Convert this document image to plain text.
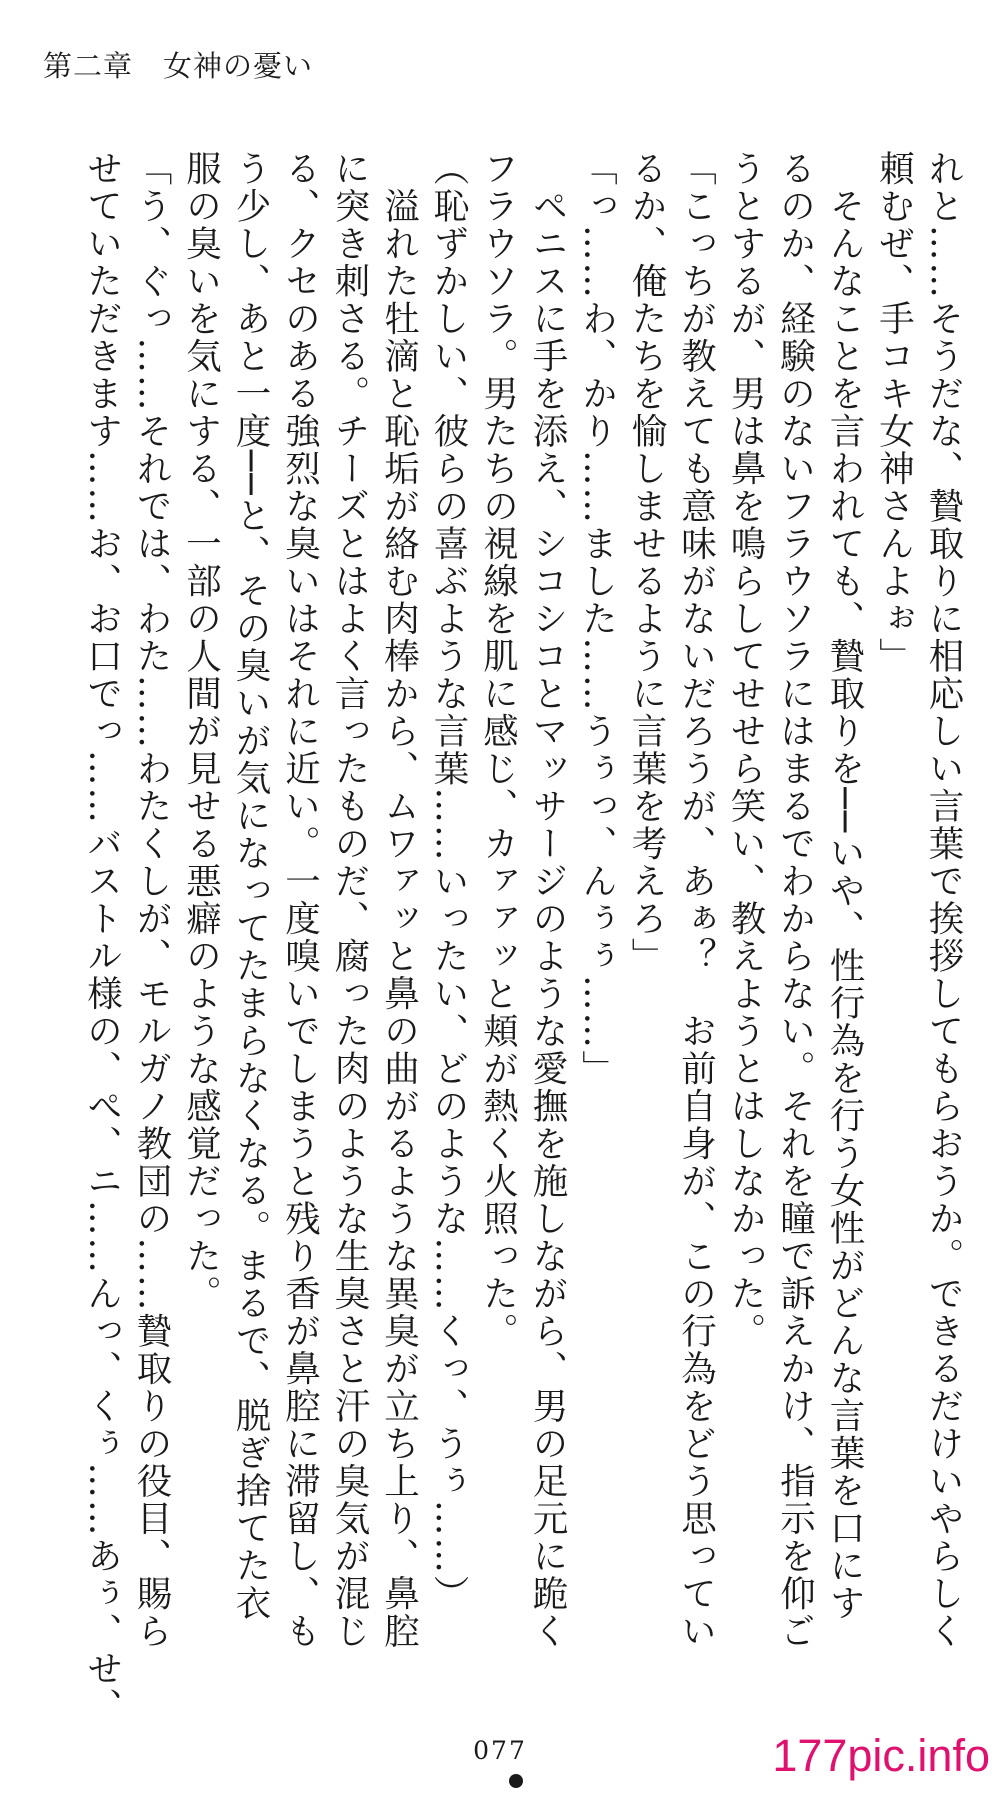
第二章　女神の憂い

れと……そうだな、贄取りに相応しい言葉で挨拶してもらおうか。できるだけいやらしく

頼むぜ、手コキ女神さんよぉ」

　そんなことを言われても、贄取りを──いや、性行為を行う女性がどんな言葉を口にす

るのか、経験のないフラウソラにはまるでわからない。それを瞳で訴えかけ、指示を仰ご

うとするが、男は鼻を鳴らしてせせら笑い、教えようとはしなかった。

「こっちが教えても意味がないだろうが、あぁ？　お前自身が、この行為をどう思ってい

るか、俺たちを愉しませるように言葉を考えろ」

「っ……わ、かり……ました……うぅっ、んぅぅ……」

　ペニスに手を添え、シコシコとマッサージのような愛撫を施しながら、男の足元に跪く

フラウソラ。男たちの視線を肌に感じ、カァァッと頬が熱く火照った。

（恥ずかしい、彼らの喜ぶような言葉……いったい、どのような……くっ、うぅ……）

　溢れた牡滴と恥垢が絡む肉棒から、ムワァッと鼻の曲がるような異臭が立ち上り、鼻腔

に突き刺さる。チーズとはよく言ったものだ、腐った肉のような生臭さと汗の臭気が混じ

る、クセのある強烈な臭いはそれに近い。一度嗅いでしまうと残り香が鼻腔に滞留し、も

う少し、あと一度──と、その臭いが気になってたまらなくなる。まるで、脱ぎ捨てた衣

服の臭いを気にする、一部の人間が見せる悪癖のような感覚だった。

「う、ぐっ……それでは、わた……わたくしが、モルガノ教団の……贄取りの役目、賜ら

せていただきます……お、お口でっ……バストル様の、ぺ、ニ……んっ、くぅ……あぅ、せ、

077	177pic.info
